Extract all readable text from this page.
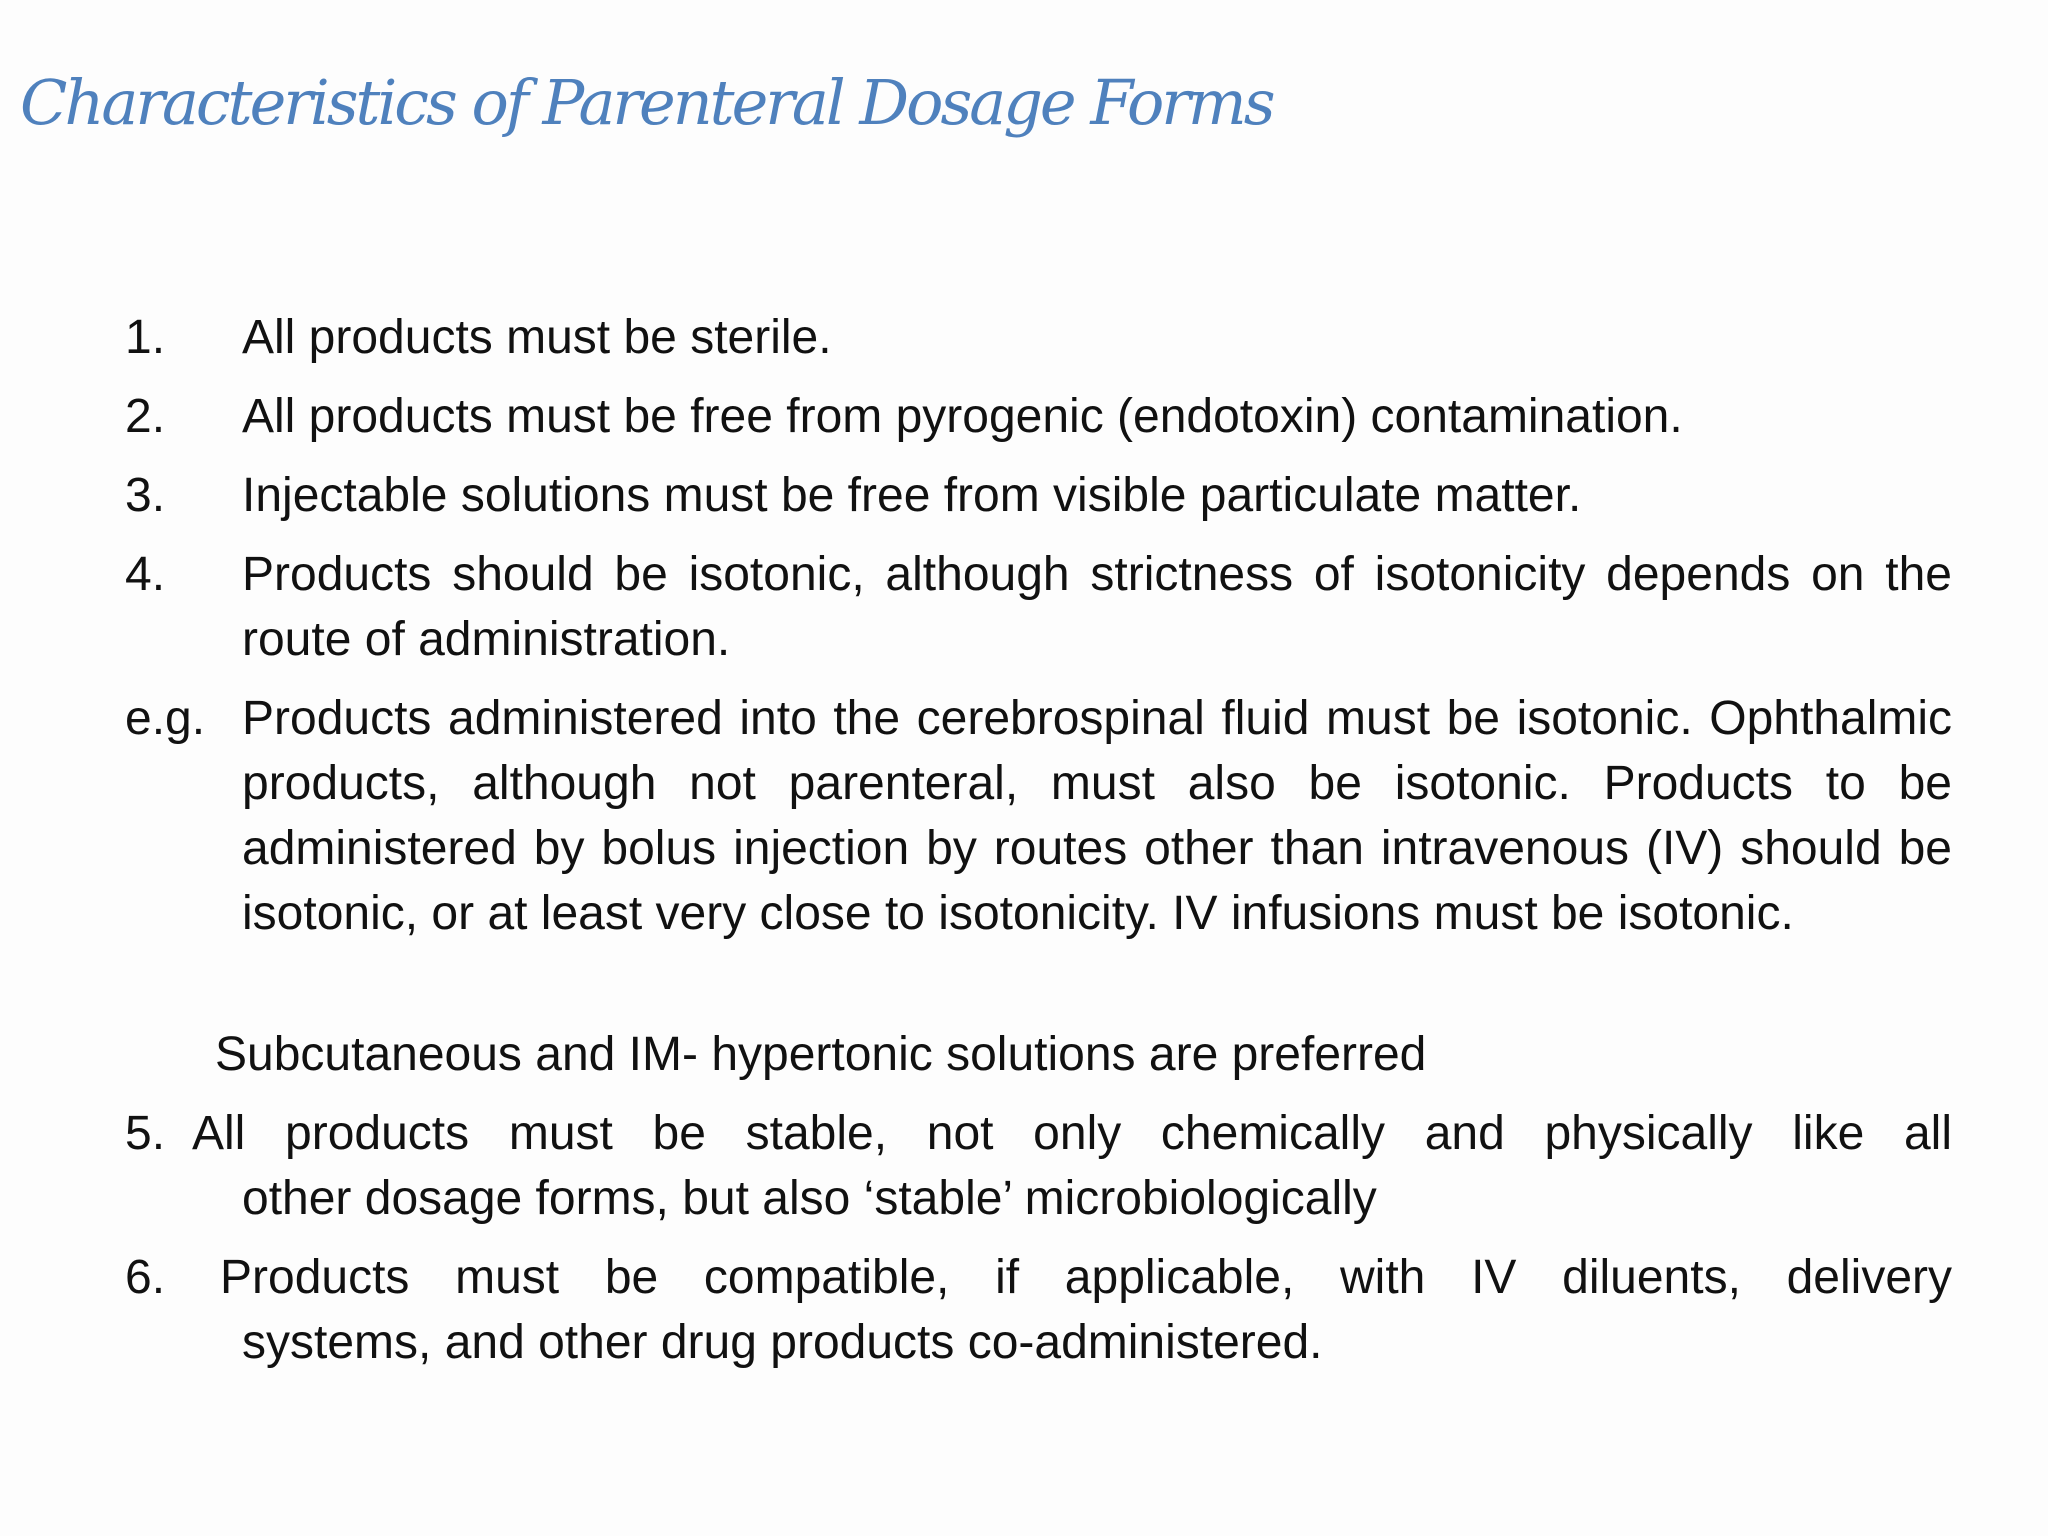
Characteristics of Parenteral Dosage Forms
1. All products must be sterile.
2. All products must be free from pyrogenic (endotoxin) contamination.
3. Injectable solutions must be free from visible particulate matter.
4. Products should be isotonic, although strictness of isotonicity depends on the route of administration.
e.g. Products administered into the cerebrospinal fluid must be isotonic. Ophthalmic products, although not parenteral, must also be isotonic. Products to be administered by bolus injection by routes other than intravenous (IV) should be isotonic, or at least very close to isotonicity. IV infusions must be isotonic.
Subcutaneous and IM- hypertonic solutions are preferred
5. All products must be stable, not only chemically and physically like all
other dosage forms, but also ‘stable’ microbiologically
6. Products must be compatible, if applicable, with IV diluents, delivery
systems, and other drug products co-administered.
